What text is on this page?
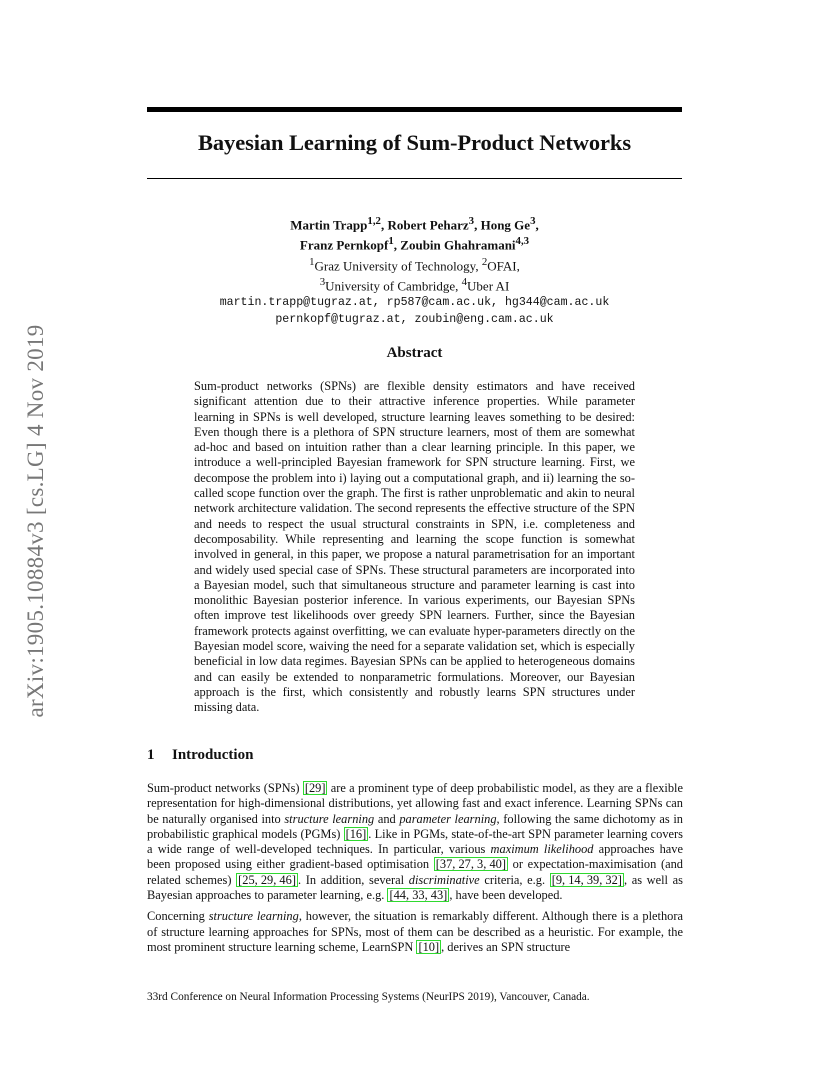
arXiv:1905.10884v3 [cs.LG] 4 Nov 2019
Bayesian Learning of Sum-Product Networks
Martin Trapp$^{1,2}$, Robert Peharz$^3$, Hong Ge$^3$,
Franz Pernkopf$^1$, Zoubin Ghahramani$^{4,3}$
$^1$Graz University of Technology, $^2$OFAI,
$^3$University of Cambridge, $^4$Uber AI
martin.trapp@tugraz.at, rp587@cam.ac.uk, hg344@cam.ac.uk
pernkopf@tugraz.at, zoubin@eng.cam.ac.uk
Abstract
Sum-product networks (SPNs) are flexible density estimators and have received significant attention due to their attractive inference properties. While parameter learning in SPNs is well developed, structure learning leaves something to be desired: Even though there is a plethora of SPN structure learners, most of them are somewhat ad-hoc and based on intuition rather than a clear learning principle. In this paper, we introduce a well-principled Bayesian framework for SPN structure learning. First, we decompose the problem into i) laying out a computational graph, and ii) learning the so-called scope function over the graph. The first is rather unproblematic and akin to neural network architecture validation. The second represents the effective structure of the SPN and needs to respect the usual structural constraints in SPN, i.e. completeness and decomposability. While representing and learning the scope function is somewhat involved in general, in this paper, we propose a natural parametrisation for an important and widely used special case of SPNs. These structural parameters are incorporated into a Bayesian model, such that simultaneous structure and parameter learning is cast into monolithic Bayesian posterior inference. In various experiments, our Bayesian SPNs often improve test likelihoods over greedy SPN learners. Further, since the Bayesian framework protects against overfitting, we can evaluate hyper-parameters directly on the Bayesian model score, waiving the need for a separate validation set, which is especially beneficial in low data regimes. Bayesian SPNs can be applied to heterogeneous domains and can easily be extended to nonparametric formulations. Moreover, our Bayesian approach is the first, which consistently and robustly learns SPN structures under missing data.
1 Introduction

Sum-product networks (SPNs) [29] are a prominent type of deep probabilistic model, as they are a flexible representation for high-dimensional distributions, yet allowing fast and exact inference. Learning SPNs can be naturally organised into structure learning and parameter learning, following the same dichotomy as in probabilistic graphical models (PGMs) [16] . Like in PGMs, state-of-the-art SPN parameter learning covers a wide range of well-developed techniques. In particular, various maximum likelihood approaches have been proposed using either gradient-based optimisation [37, 27, 3, 40] or expectation-maximisation (and related schemes) [25, 29, 46] . In addition, several discriminative criteria, e.g. [9, 14, 39, 32] , as well as Bayesian approaches to parameter learning, e.g. [44, 33, 43] , have been developed.

Concerning structure learning, however, the situation is remarkably different. Although there is a plethora of structure learning approaches for SPNs, most of them can be described as a heuristic. For example, the most prominent structure learning scheme, LearnSPN [10] , derives an SPN structure

33rd Conference on Neural Information Processing Systems (NeurIPS 2019), Vancouver, Canada.
